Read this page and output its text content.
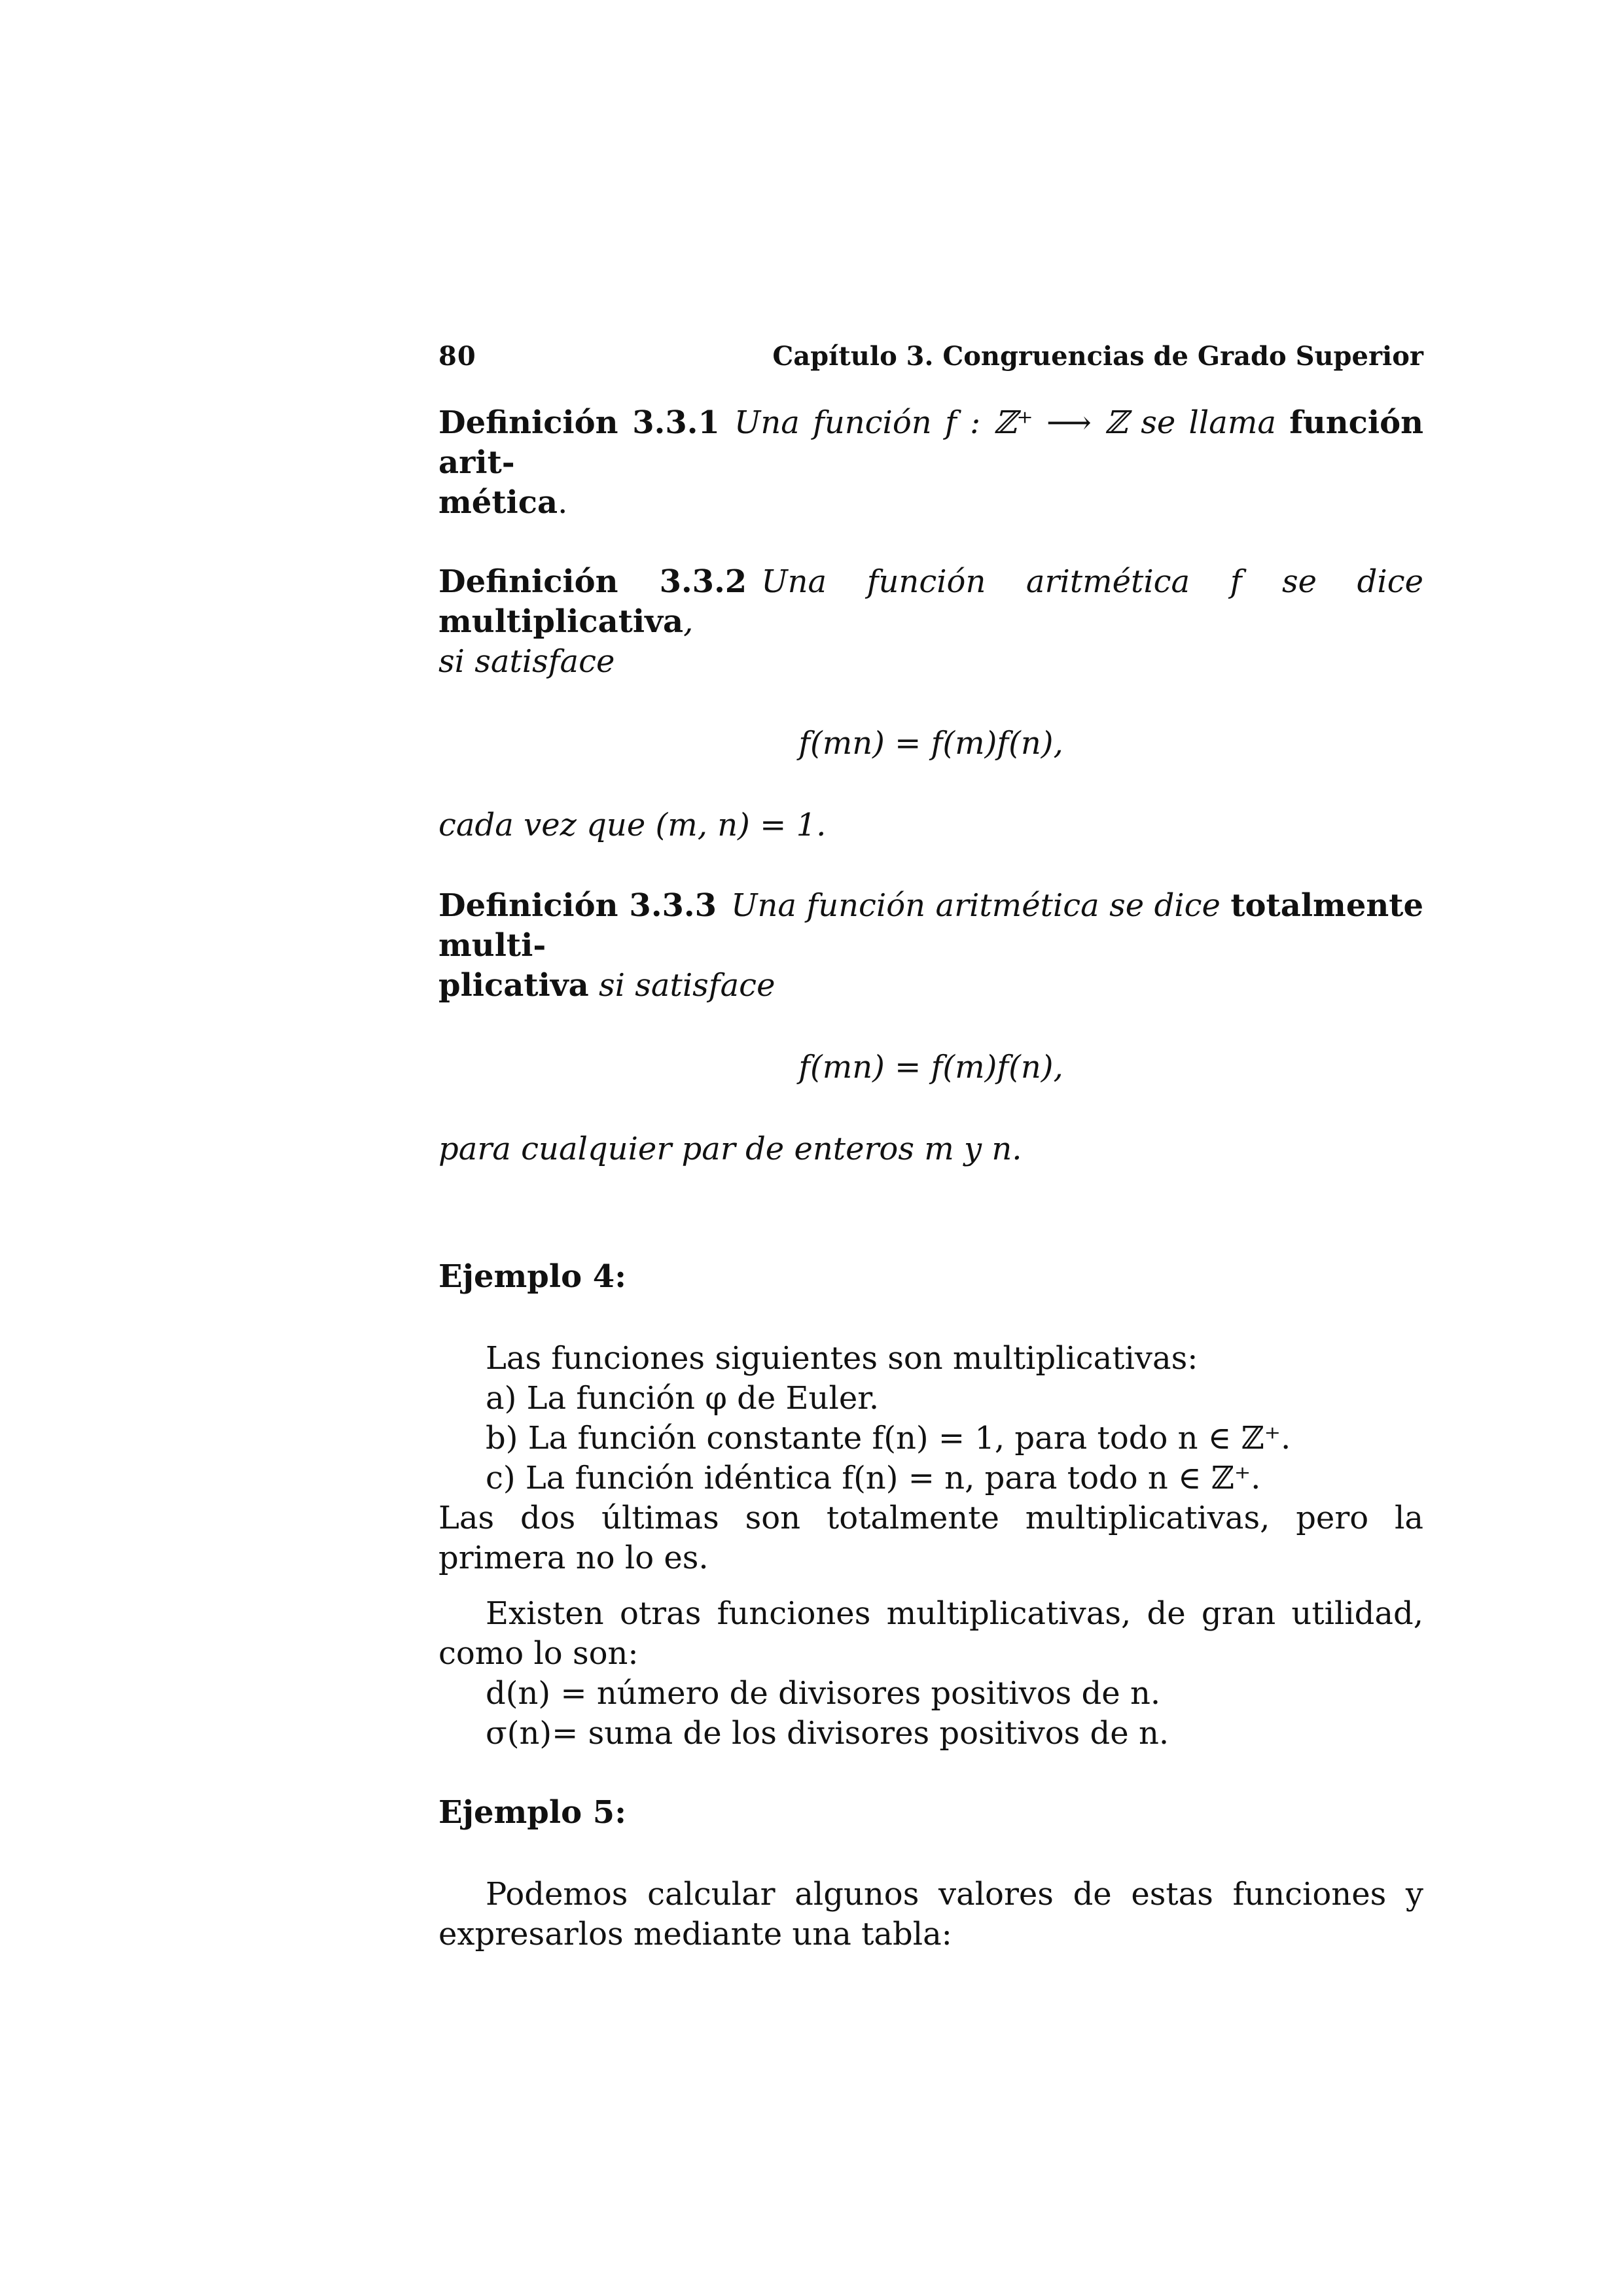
80	Capítulo 3. Congruencias de Grado Superior
Definición 3.3.1 Una función f : ℤ⁺ ⟶ ℤ se llama función arit-
mética.
Definición 3.3.2 Una función aritmética f se dice multiplicativa,
si satisface
f(mn) = f(m)f(n),
cada vez que (m, n) = 1.
Definición 3.3.3 Una función aritmética se dice totalmente multi-
plicativa si satisface
f(mn) = f(m)f(n),
para cualquier par de enteros m y n.
Ejemplo 4:
Las funciones siguientes son multiplicativas:
a) La función φ de Euler.
b) La función constante f(n) = 1, para todo n ∈ ℤ⁺.
c) La función idéntica f(n) = n, para todo n ∈ ℤ⁺.
Las dos últimas son totalmente multiplicativas, pero la primera no lo es.
Existen otras funciones multiplicativas, de gran utilidad, como lo son:
d(n) = número de divisores positivos de n.
σ(n)= suma de los divisores positivos de n.
Ejemplo 5:
Podemos calcular algunos valores de estas funciones y expresarlos mediante una tabla:
